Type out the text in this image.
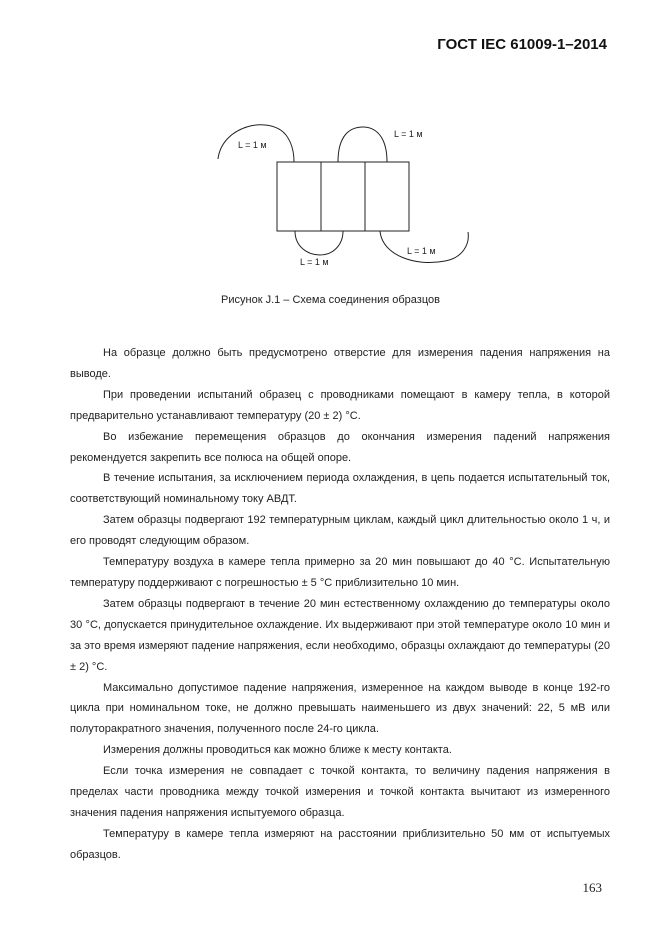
ГОСТ IEC 61009-1–2014
L = 1 м
L = 1 м
L = 1 м
L = 1 м
Рисунок J.1 – Схема соединения образцов

На образце должно быть предусмотрено отверстие для измерения падения напряжения на выводе.

При проведении испытаний образец с проводниками помещают в камеру тепла, в которой предварительно устанавливают температуру (20 ± 2) °С.

Во избежание перемещения образцов до окончания измерения падений напряжения рекомендуется закрепить все полюса на общей опоре.

В течение испытания, за исключением периода охлаждения, в цепь подается испытательный ток, соответствующий номинальному току АВДТ.

Затем образцы подвергают 192 температурным циклам, каждый цикл длительностью около 1 ч, и его проводят следующим образом.

Температуру воздуха в камере тепла примерно за 20 мин повышают до 40 °С. Испытательную температуру поддерживают с погрешностью ± 5 °С приблизительно 10 мин.

Затем образцы подвергают в течение 20 мин естественному охлаждению до температуры около 30 °С, допускается принудительное охлаждение. Их выдерживают при этой температуре около 10 мин и за это время измеряют падение напряжения, если необходимо, образцы охлаждают до температуры (20 ± 2) °С.

Максимально допустимое падение напряжения, измеренное на каждом выводе в конце 192-го цикла при номинальном токе, не должно превышать наименьшего из двух значений: 22, 5 мВ или полуторакратного значения, полученного после 24-го цикла.

Измерения должны проводиться как можно ближе к месту контакта.

Если точка измерения не совпадает с точкой контакта, то величину падения напряжения в пределах части проводника между точкой измерения и точкой контакта вычитают из измеренного значения падения напряжения испытуемого образца.

Температуру в камере тепла измеряют на расстоянии приблизительно 50 мм от испытуемых образцов.

163
